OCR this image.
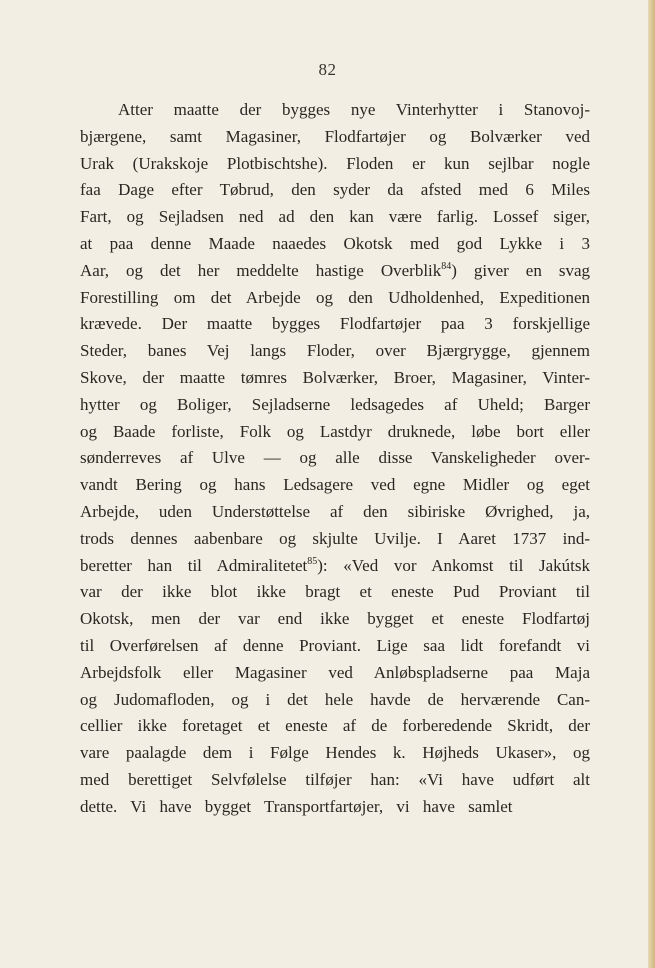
82
Atter maatte der bygges nye Vinterhytter i Stanovoj-
bjærgene, samt Magasiner, Flodfartøjer og Bolværker ved
Urak (Urakskoje Plotbischtshe). Floden er kun sejlbar nogle
faa Dage efter Tøbrud, den syder da afsted med 6 Miles
Fart, og Sejladsen ned ad den kan være farlig. Lossef siger,
at paa denne Maade naaedes Okotsk med god Lykke i 3
Aar, og det her meddelte hastige Overblik$^{84}$) giver en svag
Forestilling om det Arbejde og den Udholdenhed, Expeditionen
krævede. Der maatte bygges Flodfartøjer paa 3 forskjellige
Steder, banes Vej langs Floder, over Bjærgrygge, gjennem
Skove, der maatte tømres Bolværker, Broer, Magasiner, Vinter-
hytter og Boliger, Sejladserne ledsagedes af Uheld; Barger
og Baade forliste, Folk og Lastdyr druknede, løbe bort eller
sønderreves af Ulve — og alle disse Vanskeligheder over-
vandt Bering og hans Ledsagere ved egne Midler og eget
Arbejde, uden Understøttelse af den sibiriske Øvrighed, ja,
trods dennes aabenbare og skjulte Uvilje. I Aaret 1737 ind-
beretter han til Admiralitetet$^{85}$): «Ved vor Ankomst til Jakútsk
var der ikke blot ikke bragt et eneste Pud Proviant til
Okotsk, men der var end ikke bygget et eneste Flodfartøj
til Overførelsen af denne Proviant. Lige saa lidt forefandt vi
Arbejdsfolk eller Magasiner ved Anløbspladserne paa Maja
og Judomafloden, og i det hele havde de herværende Can-
cellier ikke foretaget et eneste af de forberedende Skridt, der
vare paalagde dem i Følge Hendes k. Højheds Ukaser», og
med berettiget Selvfølelse tilføjer han: «Vi have udført alt
dette. Vi have bygget Transportfartøjer, vi have samlet
